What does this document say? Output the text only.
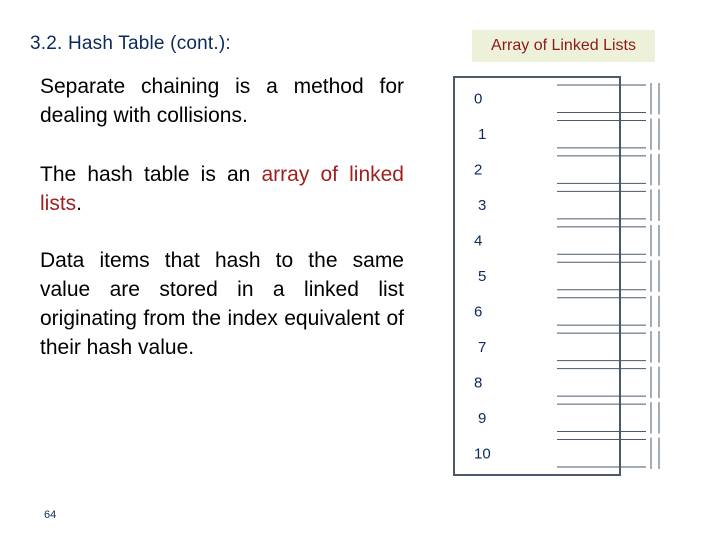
3.2. Hash Table (cont.):
Separate chaining is a method for dealing with collisions.
The hash table is an array of linked lists.
Data items that hash to the same value are stored in a linked list originating from the index equivalent of their hash value.
Array of Linked Lists
0
1
2
3
4
5
6
7
8
9
10
64
